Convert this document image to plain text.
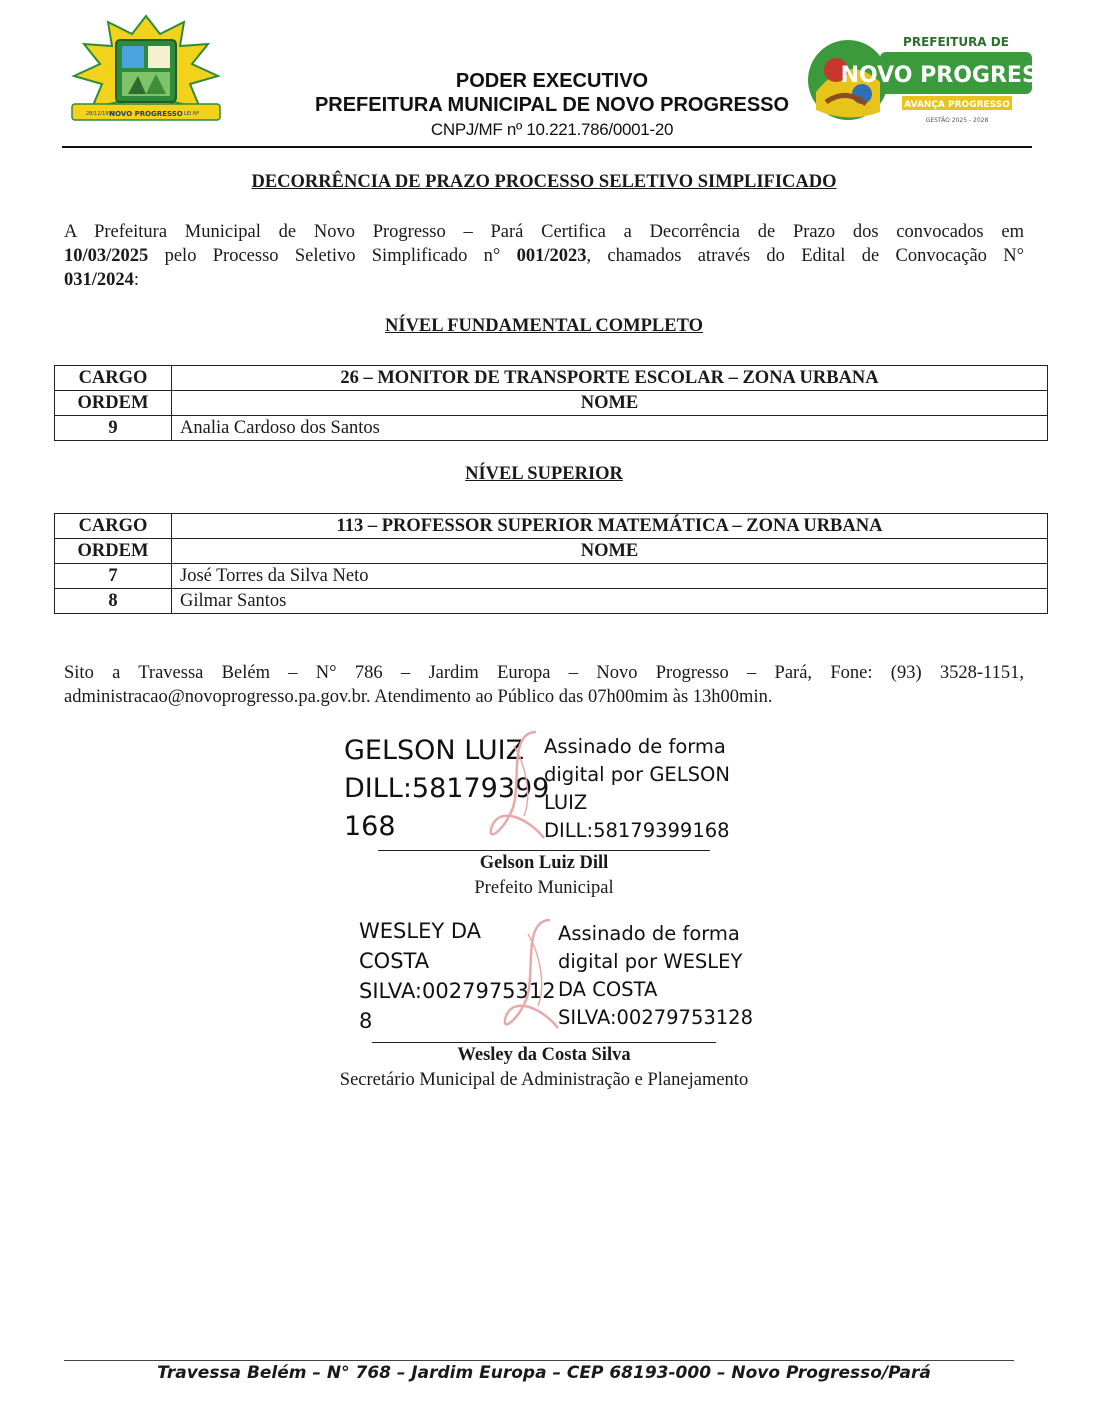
NOVO PROGRESSO
28/12/1991	LEI Nº
PREFEITURA DE
NOVO PROGRESSO
AVANÇA PROGRESSO
GESTÃO 2025 - 2028
PODER EXECUTIVO
PREFEITURA MUNICIPAL DE NOVO PROGRESSO
CNPJ/MF nº 10.221.786/0001-20
DECORRÊNCIA DE PRAZO PROCESSO SELETIVO SIMPLIFICADO
A Prefeitura Municipal de Novo Progresso – Pará Certifica a Decorrência de Prazo dos convocados em
10/03/2025 pelo Processo Seletivo Simplificado n° 001/2023, chamados através do Edital de Convocação N°
031/2024:
NÍVEL FUNDAMENTAL COMPLETO
CARGO	26 – MONITOR DE TRANSPORTE ESCOLAR – ZONA URBANA
ORDEM	NOME
9	Analia Cardoso dos Santos
NÍVEL SUPERIOR
CARGO	113 – PROFESSOR SUPERIOR MATEMÁTICA – ZONA URBANA
ORDEM	NOME
7	José Torres da Silva Neto
8	Gilmar Santos
Sito a Travessa Belém – N° 786 – Jardim Europa – Novo Progresso – Pará, Fone: (93) 3528-1151,
administracao@novoprogresso.pa.gov.br. Atendimento ao Público das 07h00mim às 13h00min.
GELSON LUIZ
DILL:58179399
168
Assinado de forma
digital por GELSON
LUIZ
DILL:58179399168
Gelson Luiz Dill
Prefeito Municipal
WESLEY DA
COSTA
SILVA:0027975312
8
Assinado de forma
digital por WESLEY
DA COSTA
SILVA:00279753128
Wesley da Costa Silva
Secretário Municipal de Administração e Planejamento
Travessa Belém – N° 768 – Jardim Europa – CEP 68193-000 – Novo Progresso/Pará
